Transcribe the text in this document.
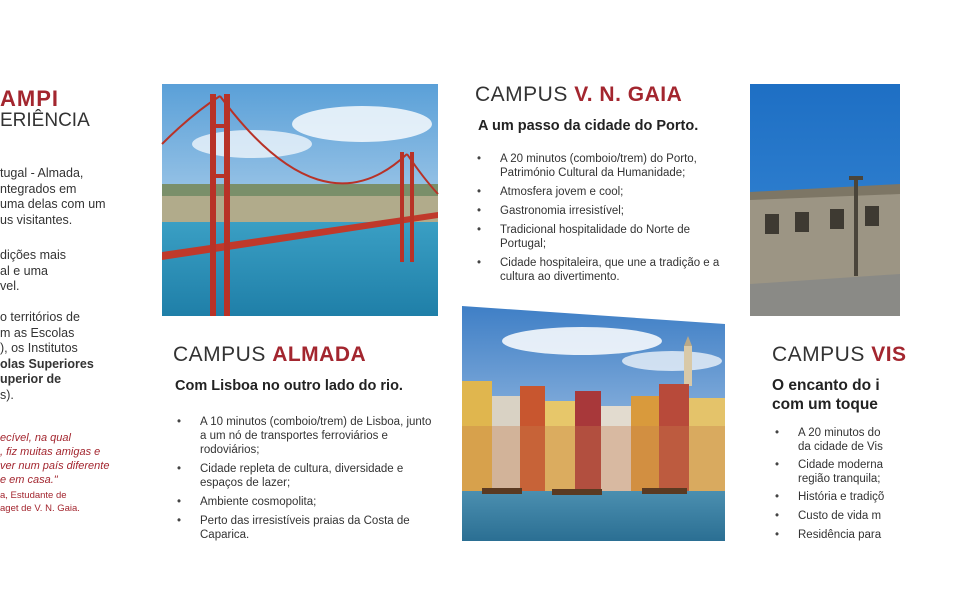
AMPI
ERIÊNCIA
tugal - Almada,
ntegrados em
uma delas com um
us visitantes.
dições mais
al e uma
vel.
o territórios de
m as Escolas
), os Institutos
olas Superiores
uperior de
s).
ecível, na qual
, fiz muitas amigas e
ver num país diferente
e em casa."
a, Estudante de
aget de V. N. Gaia.
CAMPUS ALMADA
Com Lisboa no outro lado do rio.
• A 10 minutos (comboio/trem) de Lisboa, junto a um nó de transportes ferroviários e rodoviários;
• Cidade repleta de cultura, diversidade e espaços de lazer;
• Ambiente cosmopolita;
• Perto das irresistíveis praias da Costa de Caparica.
CAMPUS V. N. GAIA
A um passo da cidade do Porto.
• A 20 minutos (comboio/trem) do Porto, Património Cultural da Humanidade;
• Atmosfera jovem e cool;
• Gastronomia irresistível;
• Tradicional hospitalidade do Norte de Portugal;
• Cidade hospitaleira, que une a tradição e a cultura ao divertimento.
CAMPUS VIS
O encanto do i
com um toque
• A 20 minutos do
da cidade de Vis
• Cidade moderna
região tranquila;
• História e tradiçõ
• Custo de vida m
• Residência para
